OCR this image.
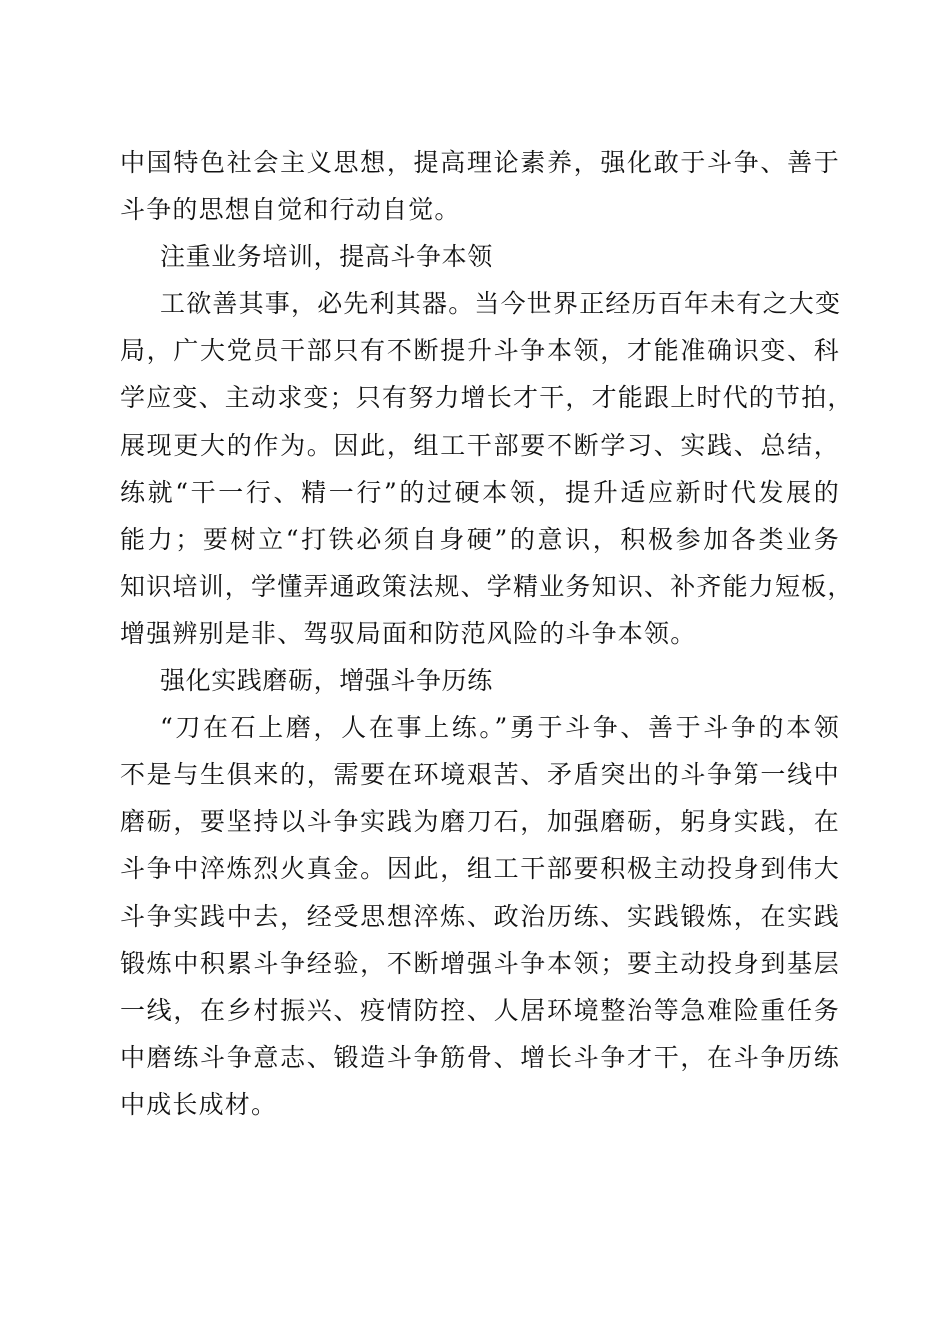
中国特色社会主义思想，提高理论素养，强化敢于斗争、善于
斗争的思想自觉和行动自觉。
注重业务培训，提高斗争本领
工欲善其事，必先利其器。当今世界正经历百年未有之大变
局，广大党员干部只有不断提升斗争本领，才能准确识变、科
学应变、主动求变；只有努力增长才干，才能跟上时代的节拍，
展现更大的作为。因此，组工干部要不断学习、实践、总结，
练就“干一行、精一行”的过硬本领，提升适应新时代发展的
能力；要树立“打铁必须自身硬”的意识，积极参加各类业务
知识培训，学懂弄通政策法规、学精业务知识、补齐能力短板，
增强辨别是非、驾驭局面和防范风险的斗争本领。
强化实践磨砺，增强斗争历练
“刀在石上磨，人在事上练。”勇于斗争、善于斗争的本领
不是与生俱来的，需要在环境艰苦、矛盾突出的斗争第一线中
磨砺，要坚持以斗争实践为磨刀石，加强磨砺，躬身实践，在
斗争中淬炼烈火真金。因此，组工干部要积极主动投身到伟大
斗争实践中去，经受思想淬炼、政治历练、实践锻炼，在实践
锻炼中积累斗争经验，不断增强斗争本领；要主动投身到基层
一线，在乡村振兴、疫情防控、人居环境整治等急难险重任务
中磨练斗争意志、锻造斗争筋骨、增长斗争才干，在斗争历练
中成长成材。
